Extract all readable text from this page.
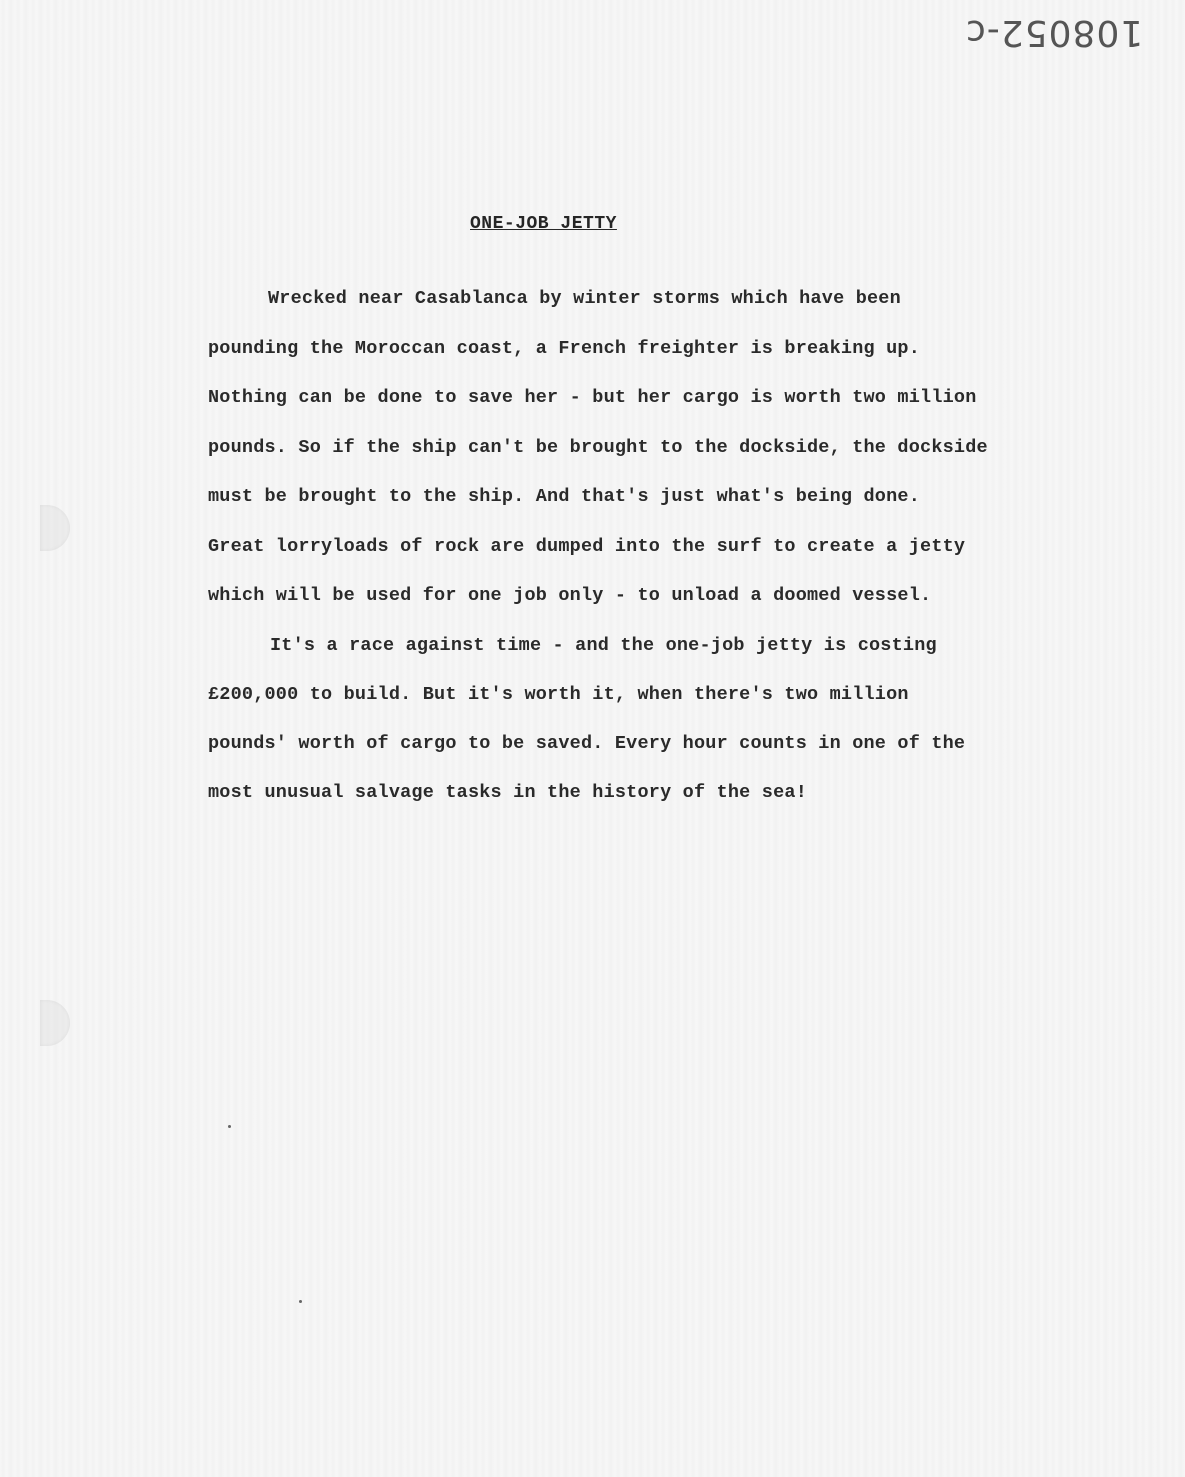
108052-c
ONE-JOB JETTY
Wrecked near Casablanca by winter storms which have been
pounding the Moroccan coast, a French freighter is breaking up.
Nothing can be done to save her - but her cargo is worth two million
pounds. So if the ship can't be brought to the dockside, the dockside
must be brought to the ship. And that's just what's being done.
Great lorryloads of rock are dumped into the surf to create a jetty
which will be used for one job only - to unload a doomed vessel.
It's a race against time - and the one-job jetty is costing
£200,000 to build. But it's worth it, when there's two million
pounds' worth of cargo to be saved. Every hour counts in one of the
most unusual salvage tasks in the history of the sea!
